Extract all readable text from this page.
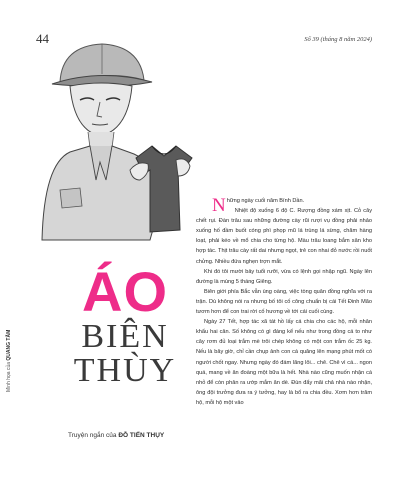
44	Số 39 (tháng 8 năm 2024)
ÁO
BIÊN
THÙY
Minh họa của QUANG TÂM
Truyện ngắn của ĐỖ TIẾN THỤY

Những ngày cuối năm Bính Dần.

Nhiệt độ xuống 6 độ C. Rượng đồng xám xịt. Cỏ cây chết rụi. Đàn trâu sau những đường cày rũi rượi vụ đồng phải nhảo xuống hố đầm buốt cóng phì phọp mũ lá trùng lá sừng, chăm hàng loạt, phải kéo về mổ chia cho từng hộ. Màu trâu loang bắm sân kho hợp tác. Thịt trâu cày rất dai nhưng ngọt, trẻ con nhai đỏ nước rồi nuốt chửng. Nhiều đứa nghẹn trợn mắt.

Khi đó tôi mười bảy tuổi rưỡi, vừa có lệnh gọi nhập ngũ. Ngày lên đường là mùng 5 tháng Giêng.

Biên giới phía Bắc vẫn ùng oàng, việc tòng quân đồng nghĩa với ra trận. Dù không nói ra nhưng bố tôi cố công chuẩn bị cái Tết Đinh Mão tươm hơn để con trai rời cố hương về tới cái cuối cùng.

Ngày 27 Tết, hợp tác xã tát hồ lấy cá chia cho các hộ, mỗi nhân khẩu hai cân. Số không có gì đáng kể nếu như trong đồng cá to như cây rơm đủ loại trắm mè trôi chép không có một con trắm ốc 25 kg. Nếu là bây giờ, chỉ cần chụp ảnh con cá quăng lên mạng phút mốt có người chốt ngay. Nhưng ngày đó đám lãng lôi... chê. Chê vì cá... ngon quá, mang về ăn đoàng một bữa là hết. Nhà nào cũng muốn nhận cá nhỏ để còn phân ra ướp mắm ăn dè. Đùn đẩy mãi chả nhà nào nhận, ông đội trưởng đưa ra ý tưởng, hay là bổ ra chia đều. Xơm hơn trăm hộ, mỗi hộ một vảo
